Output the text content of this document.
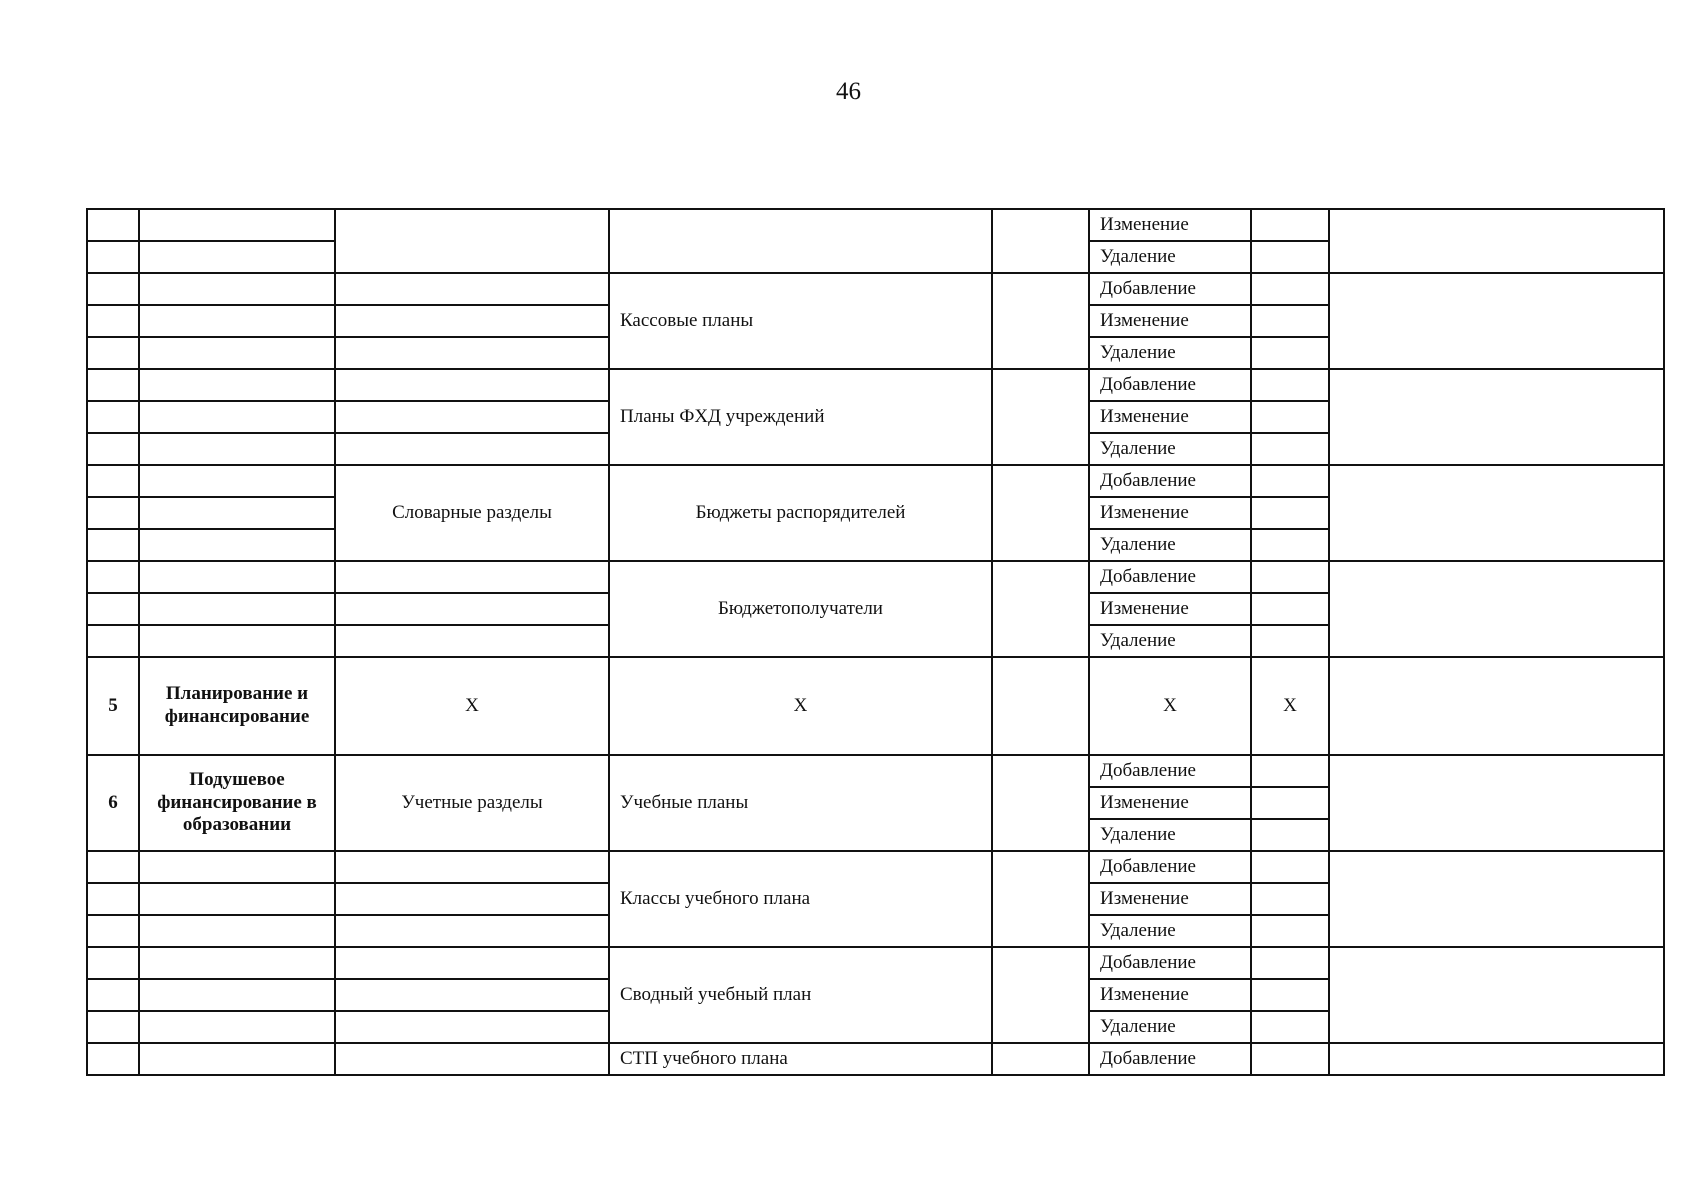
46
					Изменение		
					Удаление		
			Кассовые планы		Добавление		
					Изменение		
					Удаление		
			Планы ФХД учреждений		Добавление		
					Изменение		
					Удаление		
		Словарные разделы	Бюджеты распорядителей		Добавление		
					Изменение		
					Удаление		
			Бюджетополучатели		Добавление		
					Изменение		
					Удаление		
5	Планирование и финансирование	X	X		X	X	
6	Подушевое финансирование в образовании	Учетные разделы	Учебные планы		Добавление		
					Изменение		
					Удаление		
			Классы учебного плана		Добавление		
					Изменение		
					Удаление		
			Сводный учебный план		Добавление		
					Изменение		
					Удаление		
			СТП учебного плана		Добавление		
